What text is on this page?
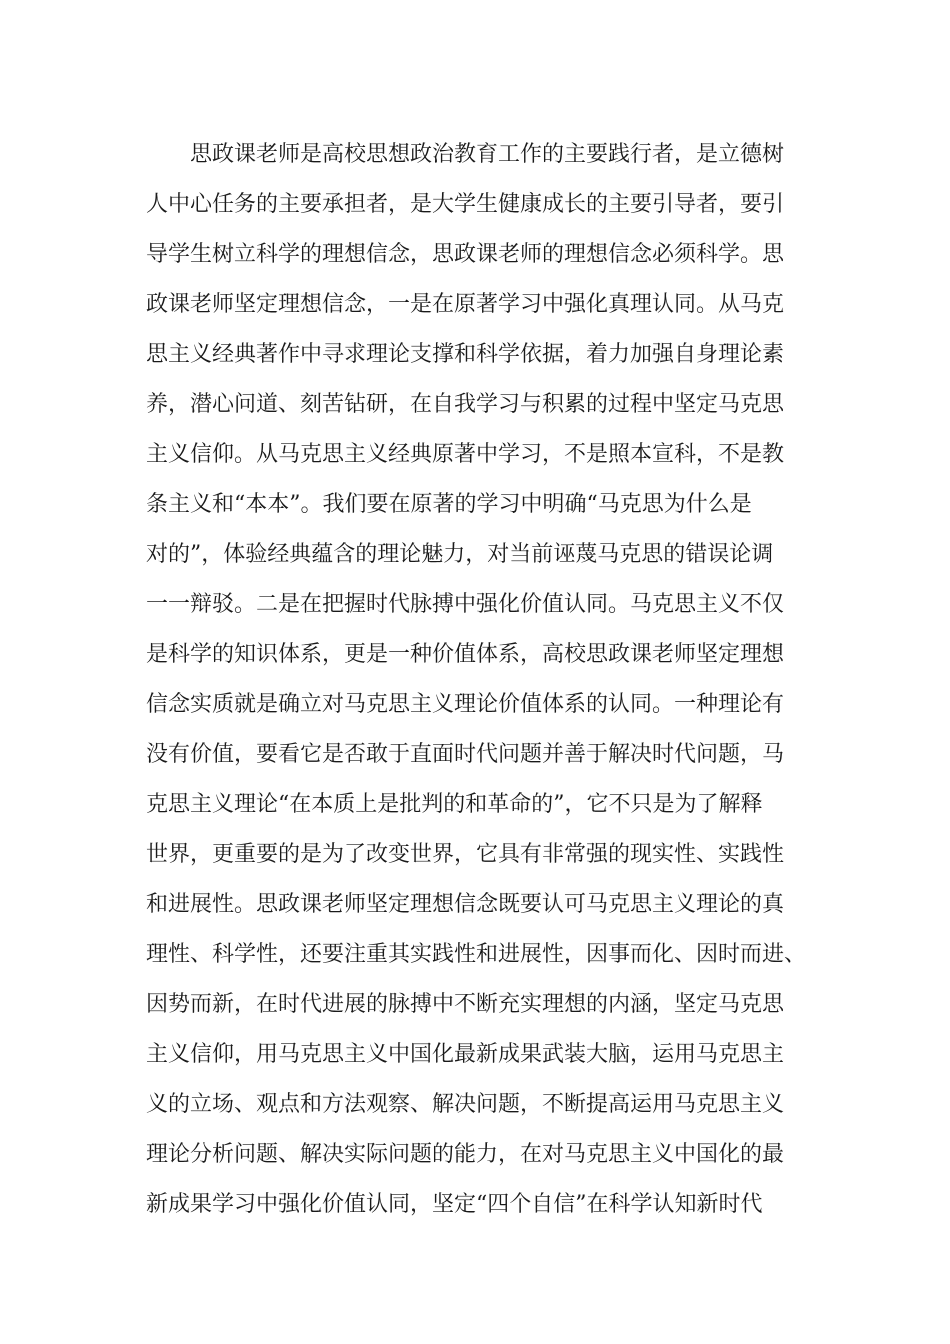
思政课老师是高校思想政治教育工作的主要践行者，是立德树
人中心任务的主要承担者，是大学生健康成长的主要引导者，要引
导学生树立科学的理想信念，思政课老师的理想信念必须科学。思
政课老师坚定理想信念，一是在原著学习中强化真理认同。从马克
思主义经典著作中寻求理论支撑和科学依据，着力加强自身理论素
养，潜心问道、刻苦钻研，在自我学习与积累的过程中坚定马克思
主义信仰。从马克思主义经典原著中学习，不是照本宣科，不是教
条主义和“本本”。我们要在原著的学习中明确“马克思为什么是
对的”，体验经典蕴含的理论魅力，对当前诬蔑马克思的错误论调
一一辩驳。二是在把握时代脉搏中强化价值认同。马克思主义不仅
是科学的知识体系，更是一种价值体系，高校思政课老师坚定理想
信念实质就是确立对马克思主义理论价值体系的认同。一种理论有
没有价值，要看它是否敢于直面时代问题并善于解决时代问题，马
克思主义理论“在本质上是批判的和革命的”，它不只是为了解释
世界，更重要的是为了改变世界，它具有非常强的现实性、实践性
和进展性。思政课老师坚定理想信念既要认可马克思主义理论的真
理性、科学性，还要注重其实践性和进展性，因事而化、因时而进、
因势而新，在时代进展的脉搏中不断充实理想的内涵，坚定马克思
主义信仰，用马克思主义中国化最新成果武装大脑，运用马克思主
义的立场、观点和方法观察、解决问题，不断提高运用马克思主义
理论分析问题、解决实际问题的能力，在对马克思主义中国化的最
新成果学习中强化价值认同，坚定“四个自信”在科学认知新时代
